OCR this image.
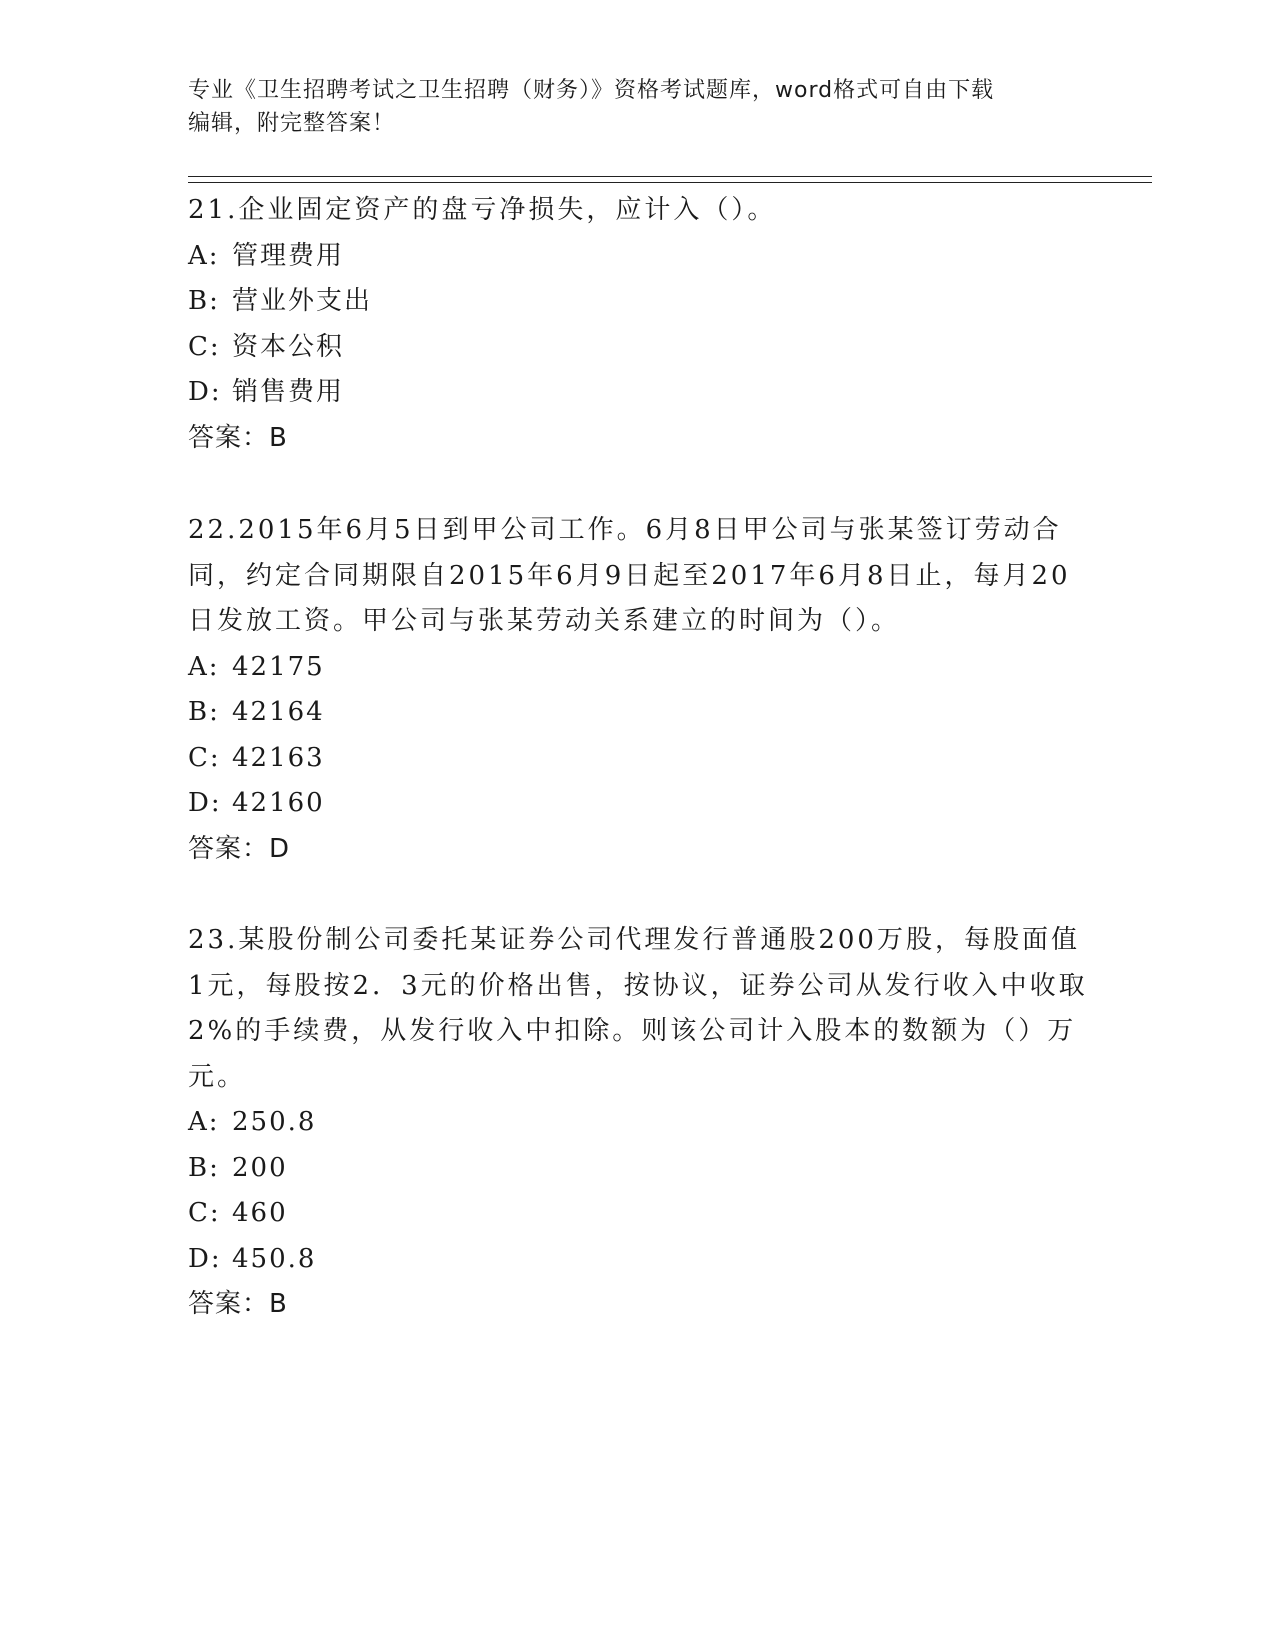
专业《卫生招聘考试之卫生招聘（财务）》资格考试题库，word格式可自由下载
编辑，附完整答案！

21.企业固定资产的盘亏净损失，应计入（）。

A: 管理费用
B: 营业外支出
C: 资本公积
D: 销售费用
答案：B

22.2015年6月5日到甲公司工作。6月8日甲公司与张某签订劳动合同，约定合同期限自2015年6月9日起至2017年6月8日止，每月20日发放工资。甲公司与张某劳动关系建立的时间为（）。

A: 42175
B: 42164
C: 42163
D: 42160
答案：D

23.某股份制公司委托某证券公司代理发行普通股200万股，每股面值1元，每股按2．3元的价格出售，按协议，证券公司从发行收入中收取2%的手续费，从发行收入中扣除。则该公司计入股本的数额为（）万元。

A: 250.8
B: 200
C: 460
D: 450.8
答案：B
